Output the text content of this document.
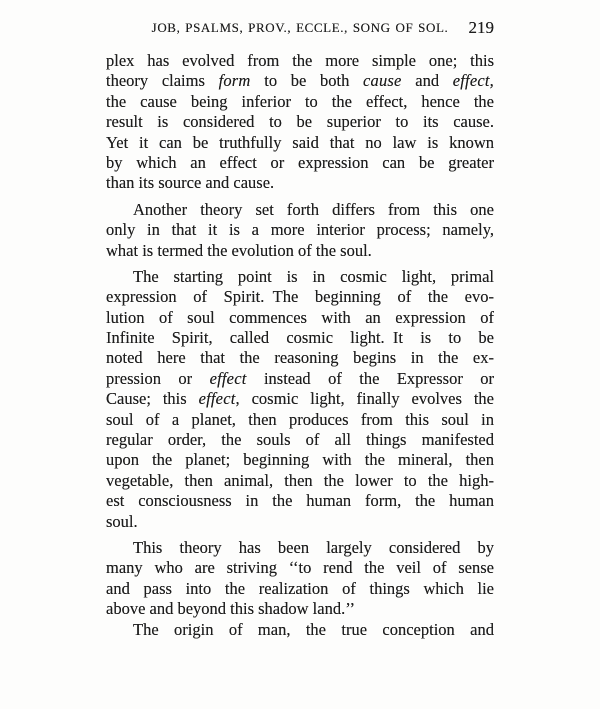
JOB, PSALMS, PROV., ECCLE., SONG OF SOL.	219
plex has evolved from the more simple one; this
theory claims form to be both cause and effect,
the cause being inferior to the effect, hence the
result is considered to be superior to its cause.
Yet it can be truthfully said that no law is known
by which an effect or expression can be greater
than its source and cause.
Another theory set forth differs from this one
only in that it is a more interior process; namely,
what is termed the evolution of the soul.
The starting point is in cosmic light, primal
expression of Spirit. The beginning of the evo-
lution of soul commences with an expression of
Infinite Spirit, called cosmic light. It is to be
noted here that the reasoning begins in the ex-
pression or effect instead of the Expressor or
Cause; this effect, cosmic light, finally evolves the
soul of a planet, then produces from this soul in
regular order, the souls of all things manifested
upon the planet; beginning with the mineral, then
vegetable, then animal, then the lower to the high-
est consciousness in the human form, the human
soul.
This theory has been largely considered by
many who are striving ‘‘to rend the veil of sense
and pass into the realization of things which lie
above and beyond this shadow land.’’
The origin of man, the true conception and
